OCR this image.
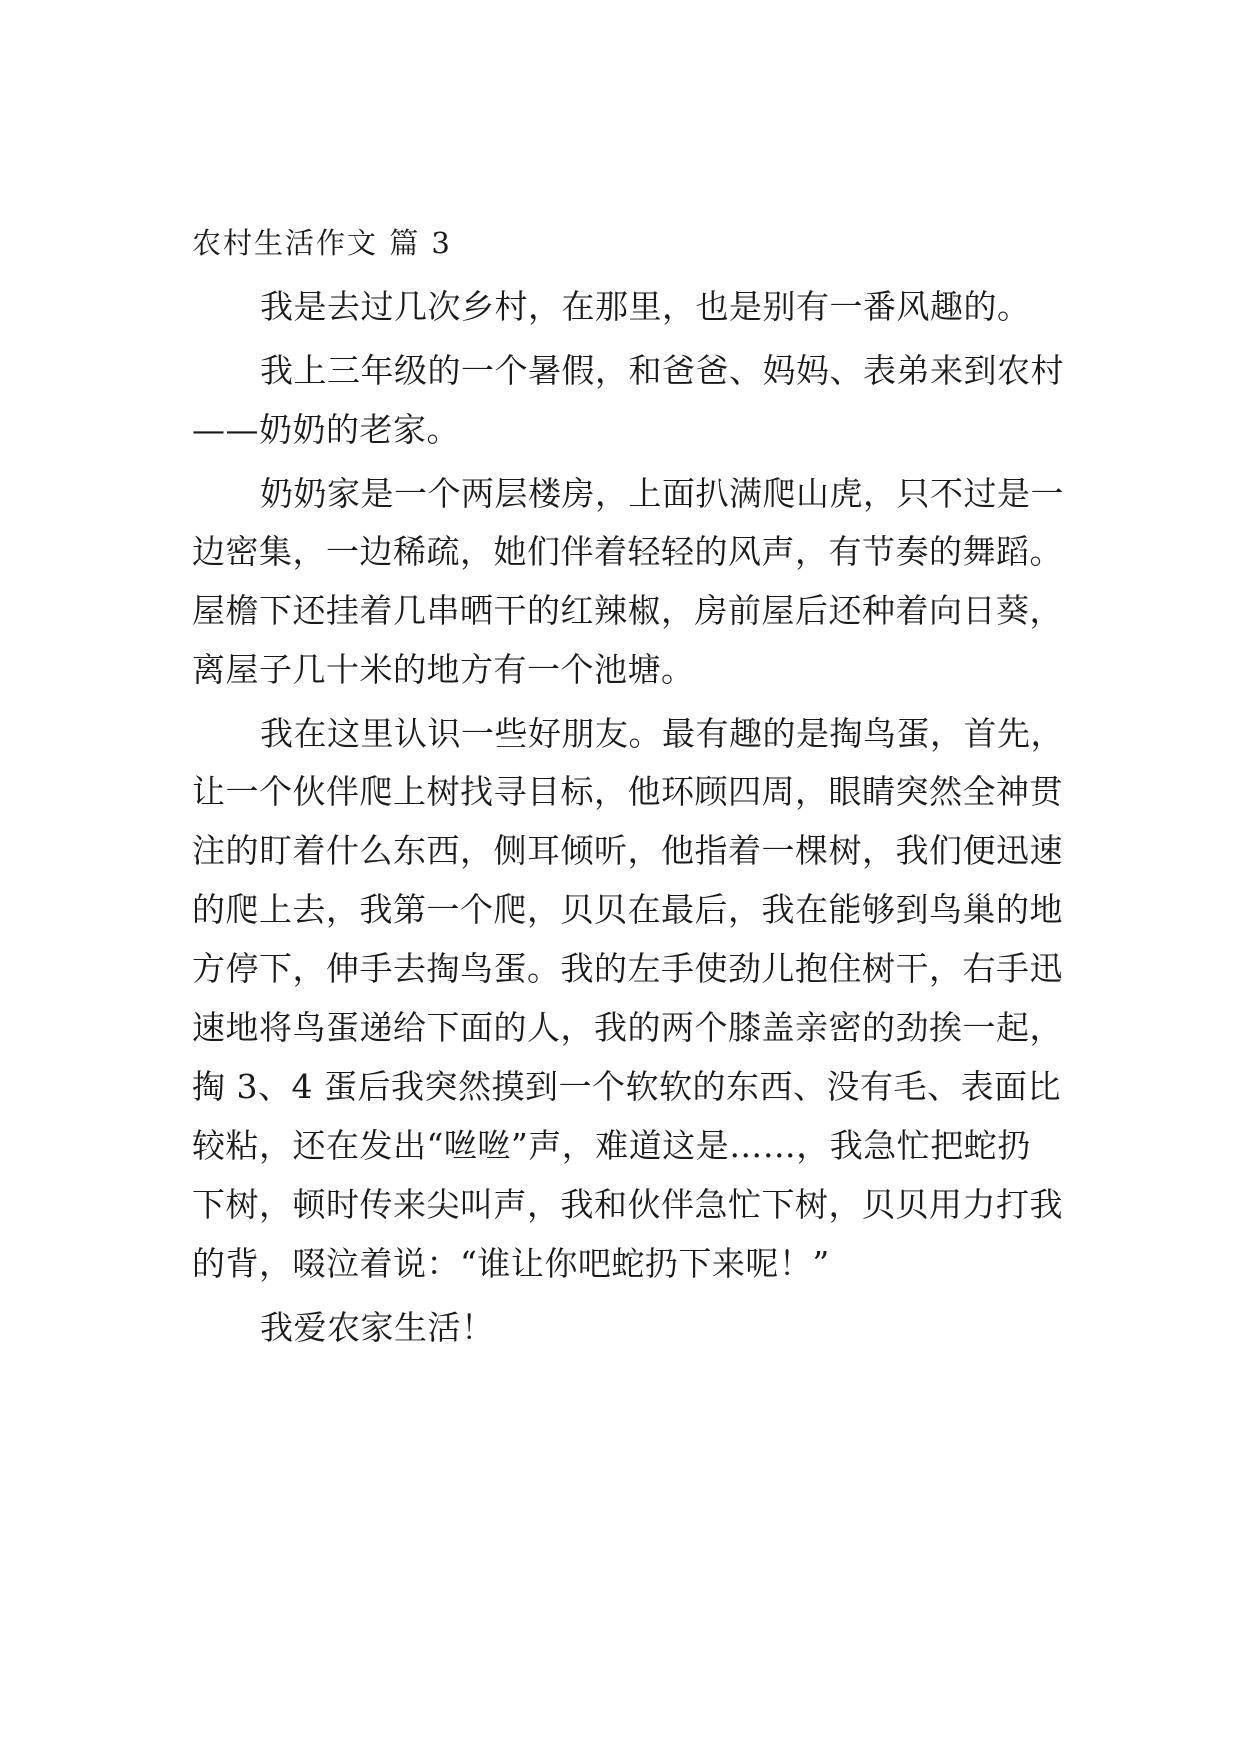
农村生活作文 篇 3
我是去过几次乡村，在那里，也是别有一番风趣的。
我上三年级的一个暑假，和爸爸、妈妈、表弟来到农村
——奶奶的老家。
奶奶家是一个两层楼房，上面扒满爬山虎，只不过是一
边密集，一边稀疏，她们伴着轻轻的风声，有节奏的舞蹈。
屋檐下还挂着几串晒干的红辣椒，房前屋后还种着向日葵，
离屋子几十米的地方有一个池塘。
我在这里认识一些好朋友。最有趣的是掏鸟蛋，首先，
让一个伙伴爬上树找寻目标，他环顾四周，眼睛突然全神贯
注的盯着什么东西，侧耳倾听，他指着一棵树，我们便迅速
的爬上去，我第一个爬，贝贝在最后，我在能够到鸟巢的地
方停下，伸手去掏鸟蛋。我的左手使劲儿抱住树干，右手迅
速地将鸟蛋递给下面的人，我的两个膝盖亲密的劲挨一起，
掏 3、4 蛋后我突然摸到一个软软的东西、没有毛、表面比
较粘，还在发出“咝咝”声，难道这是……，我急忙把蛇扔
下树，顿时传来尖叫声，我和伙伴急忙下树，贝贝用力打我
的背，啜泣着说：“谁让你吧蛇扔下来呢！”
我爱农家生活！
